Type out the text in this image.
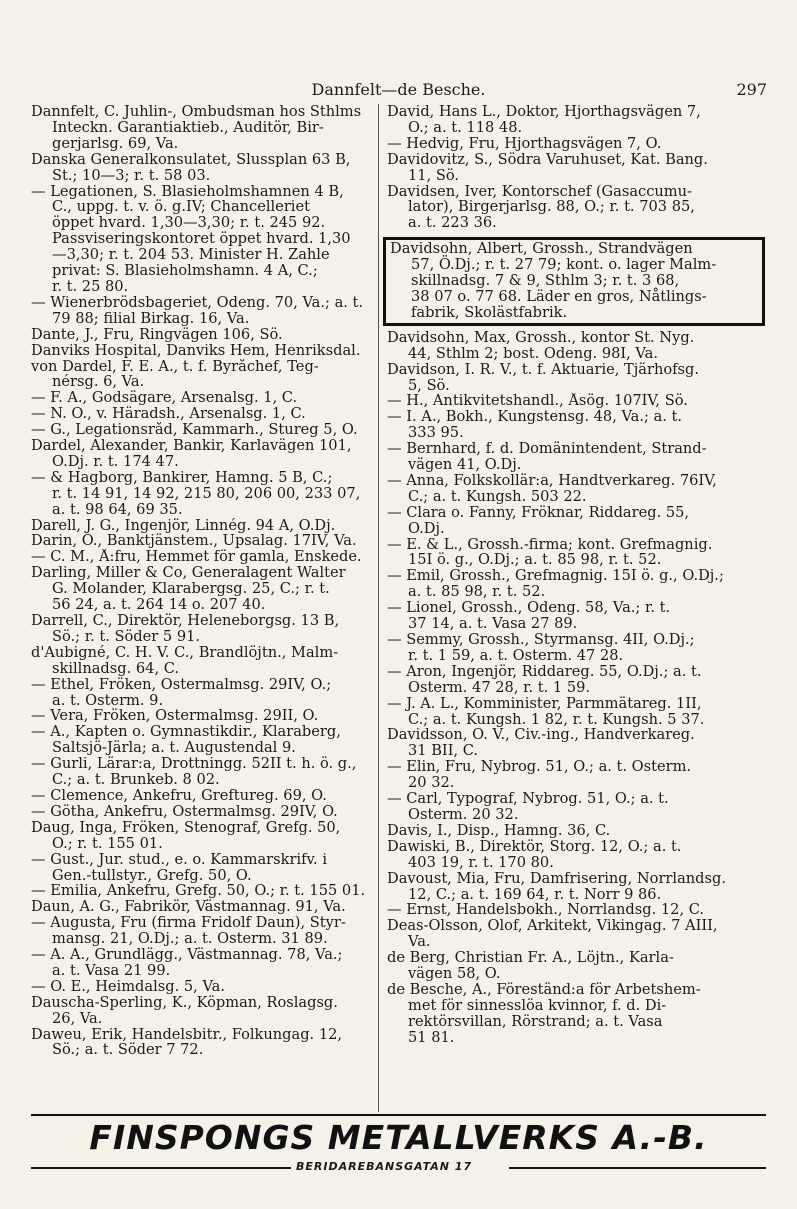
Dannfelt—de Besche.	297
Dannfelt, C. Juhlin-, Ombudsman hos Sthlms
Inteckn. Garantiaktieb., Auditör, Bir-
gerjarlsg. 69, Va.
Danska Generalkonsulatet, Slussplan 63 B,
St.; 10—3; r. t. 58 03.
— Legationen, S. Blasieholmshamnen 4 B,
C., uppg. t. v. ö. g.IV; Chancelleriet
öppet hvard. 1,30—3,30; r. t. 245 92.
Passviseringskontoret öppet hvard. 1,30
—3,30; r. t. 204 53. Minister H. Zahle
privat: S. Blasieholmshamn. 4 A, C.;
r. t. 25 80.
— Wienerbrödsbageriet, Odeng. 70, Va.; a. t.
79 88; filial Birkag. 16, Va.
Dante, J., Fru, Ringvägen 106, Sö.
Danviks Hospital, Danviks Hem, Henriksdal.
von Dardel, F. E. A., t. f. Byråchef, Teg-
nérsg. 6, Va.
— F. A., Godsägare, Arsenalsg. 1, C.
— N. O., v. Häradsh., Arsenalsg. 1, C.
— G., Legationsråd, Kammarh., Stureg 5, Ö.
Dardel, Alexander, Bankir, Karlavägen 101,
Ö.Dj. r. t. 174 47.
— & Hagborg, Bankirer, Hamng. 5 B, C.;
r. t. 14 91, 14 92, 215 80, 206 00, 233 07,
a. t. 98 64, 69 35.
Darell, J. G., Ingenjör, Linnég. 94 A, Ö.Dj.
Darin, O., Banktjänstem., Upsalag. 17IV, Va.
— C. M., Å:fru, Hemmet för gamla, Enskede.
Darling, Miller & Co, Generalagent Walter
G. Molander, Klarabergsg. 25, C.; r. t.
56 24, a. t. 264 14 o. 207 40.
Darrell, C., Direktör, Heleneborgsg. 13 B,
Sö.; r. t. Söder 5 91.
d'Aubigné, C. H. V. C., Brandlöjtn., Malm-
skillnadsg. 64, C.
— Ethel, Fröken, Östermalmsg. 29IV, Ö.;
a. t. Österm. 9.
— Vera, Fröken, Östermalmsg. 29II, Ö.
— A., Kapten o. Gymnastikdir., Klaraberg,
Saltsjö-Järla; a. t. Augustendal 9.
— Gurli, Lärar:a, Drottningg. 52II t. h. ö. g.,
C.; a. t. Brunkeb. 8 02.
— Clemence, Änkefru, Greftureg. 69, Ö.
— Götha, Änkefru, Östermalmsg. 29IV, Ö.
Daug, Inga, Fröken, Stenograf, Grefg. 50,
Ö.; r. t. 155 01.
— Gust., Jur. stud., e. o. Kammarskrifv. i
Gen.-tullstyr., Grefg. 50, Ö.
— Emilia, Änkefru, Grefg. 50, Ö.; r. t. 155 01.
Daun, A. G., Fabrikör, Västmannag. 91, Va.
— Augusta, Fru (firma Fridolf Daun), Styr-
mansg. 21, Ö.Dj.; a. t. Österm. 31 89.
— A. A., Grundlägg., Västmannag. 78, Va.;
a. t. Vasa 21 99.
— O. E., Heimdalsg. 5, Va.
Dauscha-Sperling, K., Köpman, Roslagsg.
26, Va.
Daweu, Erik, Handelsbitr., Folkungag. 12,
Sö.; a. t. Söder 7 72.
David, Hans L., Doktor, Hjorthagsvägen 7,
Ö.; a. t. 118 48.
— Hedvig, Fru, Hjorthagsvägen 7, Ö.
Davidovitz, S., Södra Varuhuset, Kat. Bang.
11, Sö.
Davidsen, Iver, Kontorschef (Gasaccumu-
lator), Birgerjarlsg. 88, Ö.; r. t. 703 85,
a. t. 223 36.
Davidsohn, Albert, Grossh., Strandvägen
57, Ö.Dj.; r. t. 27 79; kont. o. lager Malm-
skillnadsg. 7 & 9, Sthlm 3; r. t. 3 68,
38 07 o. 77 68. Läder en gros, Nåtlings-
fabrik, Skolästfabrik.
Davidsohn, Max, Grossh., kontor St. Nyg.
44, Sthlm 2; bost. Odeng. 98I, Va.
Davidson, I. R. V., t. f. Aktuarie, Tjärhofsg.
5, Sö.
— H., Antikvitetshandl., Åsög. 107IV, Sö.
— I. A., Bokh., Kungstensg. 48, Va.; a. t.
333 95.
— Bernhard, f. d. Domänintendent, Strand-
vägen 41, Ö.Dj.
— Anna, Folkskollär:a, Handtverkareg. 76IV,
C.; a. t. Kungsh. 503 22.
— Clara o. Fanny, Fröknar, Riddareg. 55,
Ö.Dj.
— E. & L., Grossh.-firma; kont. Grefmagnig.
15I ö. g., Ö.Dj.; a. t. 85 98, r. t. 52.
— Emil, Grossh., Grefmagnig. 15I ö. g., Ö.Dj.;
a. t. 85 98, r. t. 52.
— Lionel, Grossh., Odeng. 58, Va.; r. t.
37 14, a. t. Vasa 27 89.
— Semmy, Grossh., Styrmansg. 4II, Ö.Dj.;
r. t. 1 59, a. t. Österm. 47 28.
— Aron, Ingenjör, Riddareg. 55, Ö.Dj.; a. t.
Österm. 47 28, r. t. 1 59.
— J. A. L., Komminister, Parmmätareg. 1II,
C.; a. t. Kungsh. 1 82, r. t. Kungsh. 5 37.
Davidsson, O. V., Civ.-ing., Handverkareg.
31 BII, C.
— Elin, Fru, Nybrog. 51, Ö.; a. t. Österm.
20 32.
— Carl, Typograf, Nybrog. 51, Ö.; a. t.
Österm. 20 32.
Davis, I., Disp., Hamng. 36, C.
Dawiski, B., Direktör, Storg. 12, Ö.; a. t.
403 19, r. t. 170 80.
Davoust, Mia, Fru, Damfrisering, Norrlandsg.
12, C.; a. t. 169 64, r. t. Norr 9 86.
— Ernst, Handelsbokh., Norrlandsg. 12, C.
Deas-Olsson, Olof, Arkitekt, Vikingag. 7 AIII,
Va.
de Berg, Christian Fr. A., Löjtn., Karla-
vägen 58, Ö.
de Besche, A., Föreständ:a för Arbetshem-
met för sinnesslöa kvinnor, f. d. Di-
rektörsvillan, Rörstrand; a. t. Vasa
51 81.
FINSPONGS METALLVERKS A.-B.
BERIDAREBANSGATAN 17
